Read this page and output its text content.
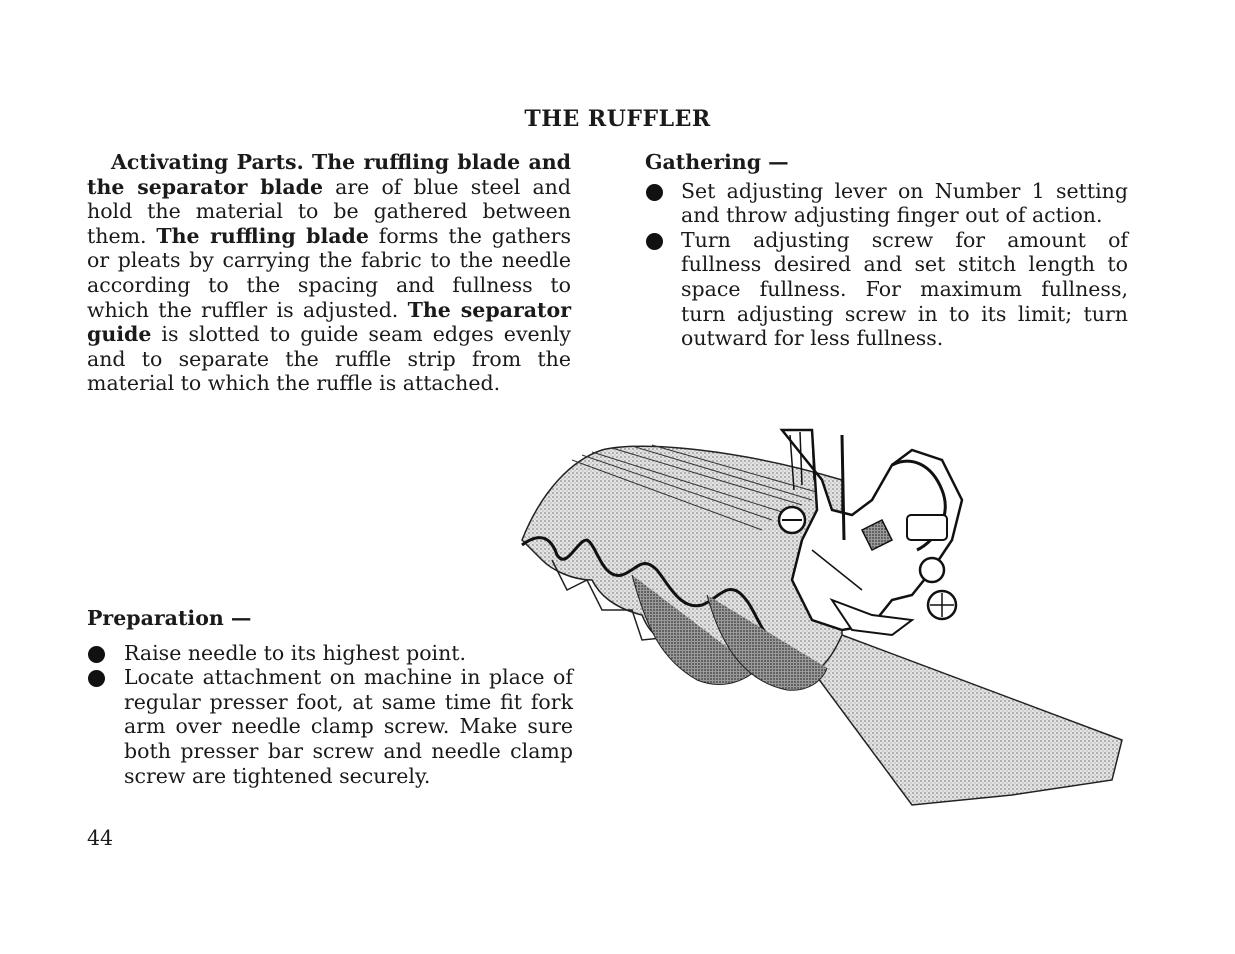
THE RUFFLER

Activating Parts. The ruffling blade and the separator blade are of blue steel and hold the material to be gathered between them. The ruffling blade forms the gathers or pleats by carrying the fabric to the needle according to the spacing and fullness to which the ruffler is adjusted. The separator guide is slotted to guide seam edges evenly and to separate the ruffle strip from the material to which the ruffle is attached.

Gathering —
Set adjusting lever on Number 1 setting and throw adjusting finger out of action.
Turn adjusting screw for amount of fullness desired and set stitch length to space fullness. For maximum fullness, turn adjusting screw in to its limit; turn outward for less fullness.
Preparation —
Raise needle to its highest point.
Locate attachment on machine in place of regular presser foot, at same time fit fork arm over needle clamp screw. Make sure both presser bar screw and needle clamp screw are tightened securely.
44
